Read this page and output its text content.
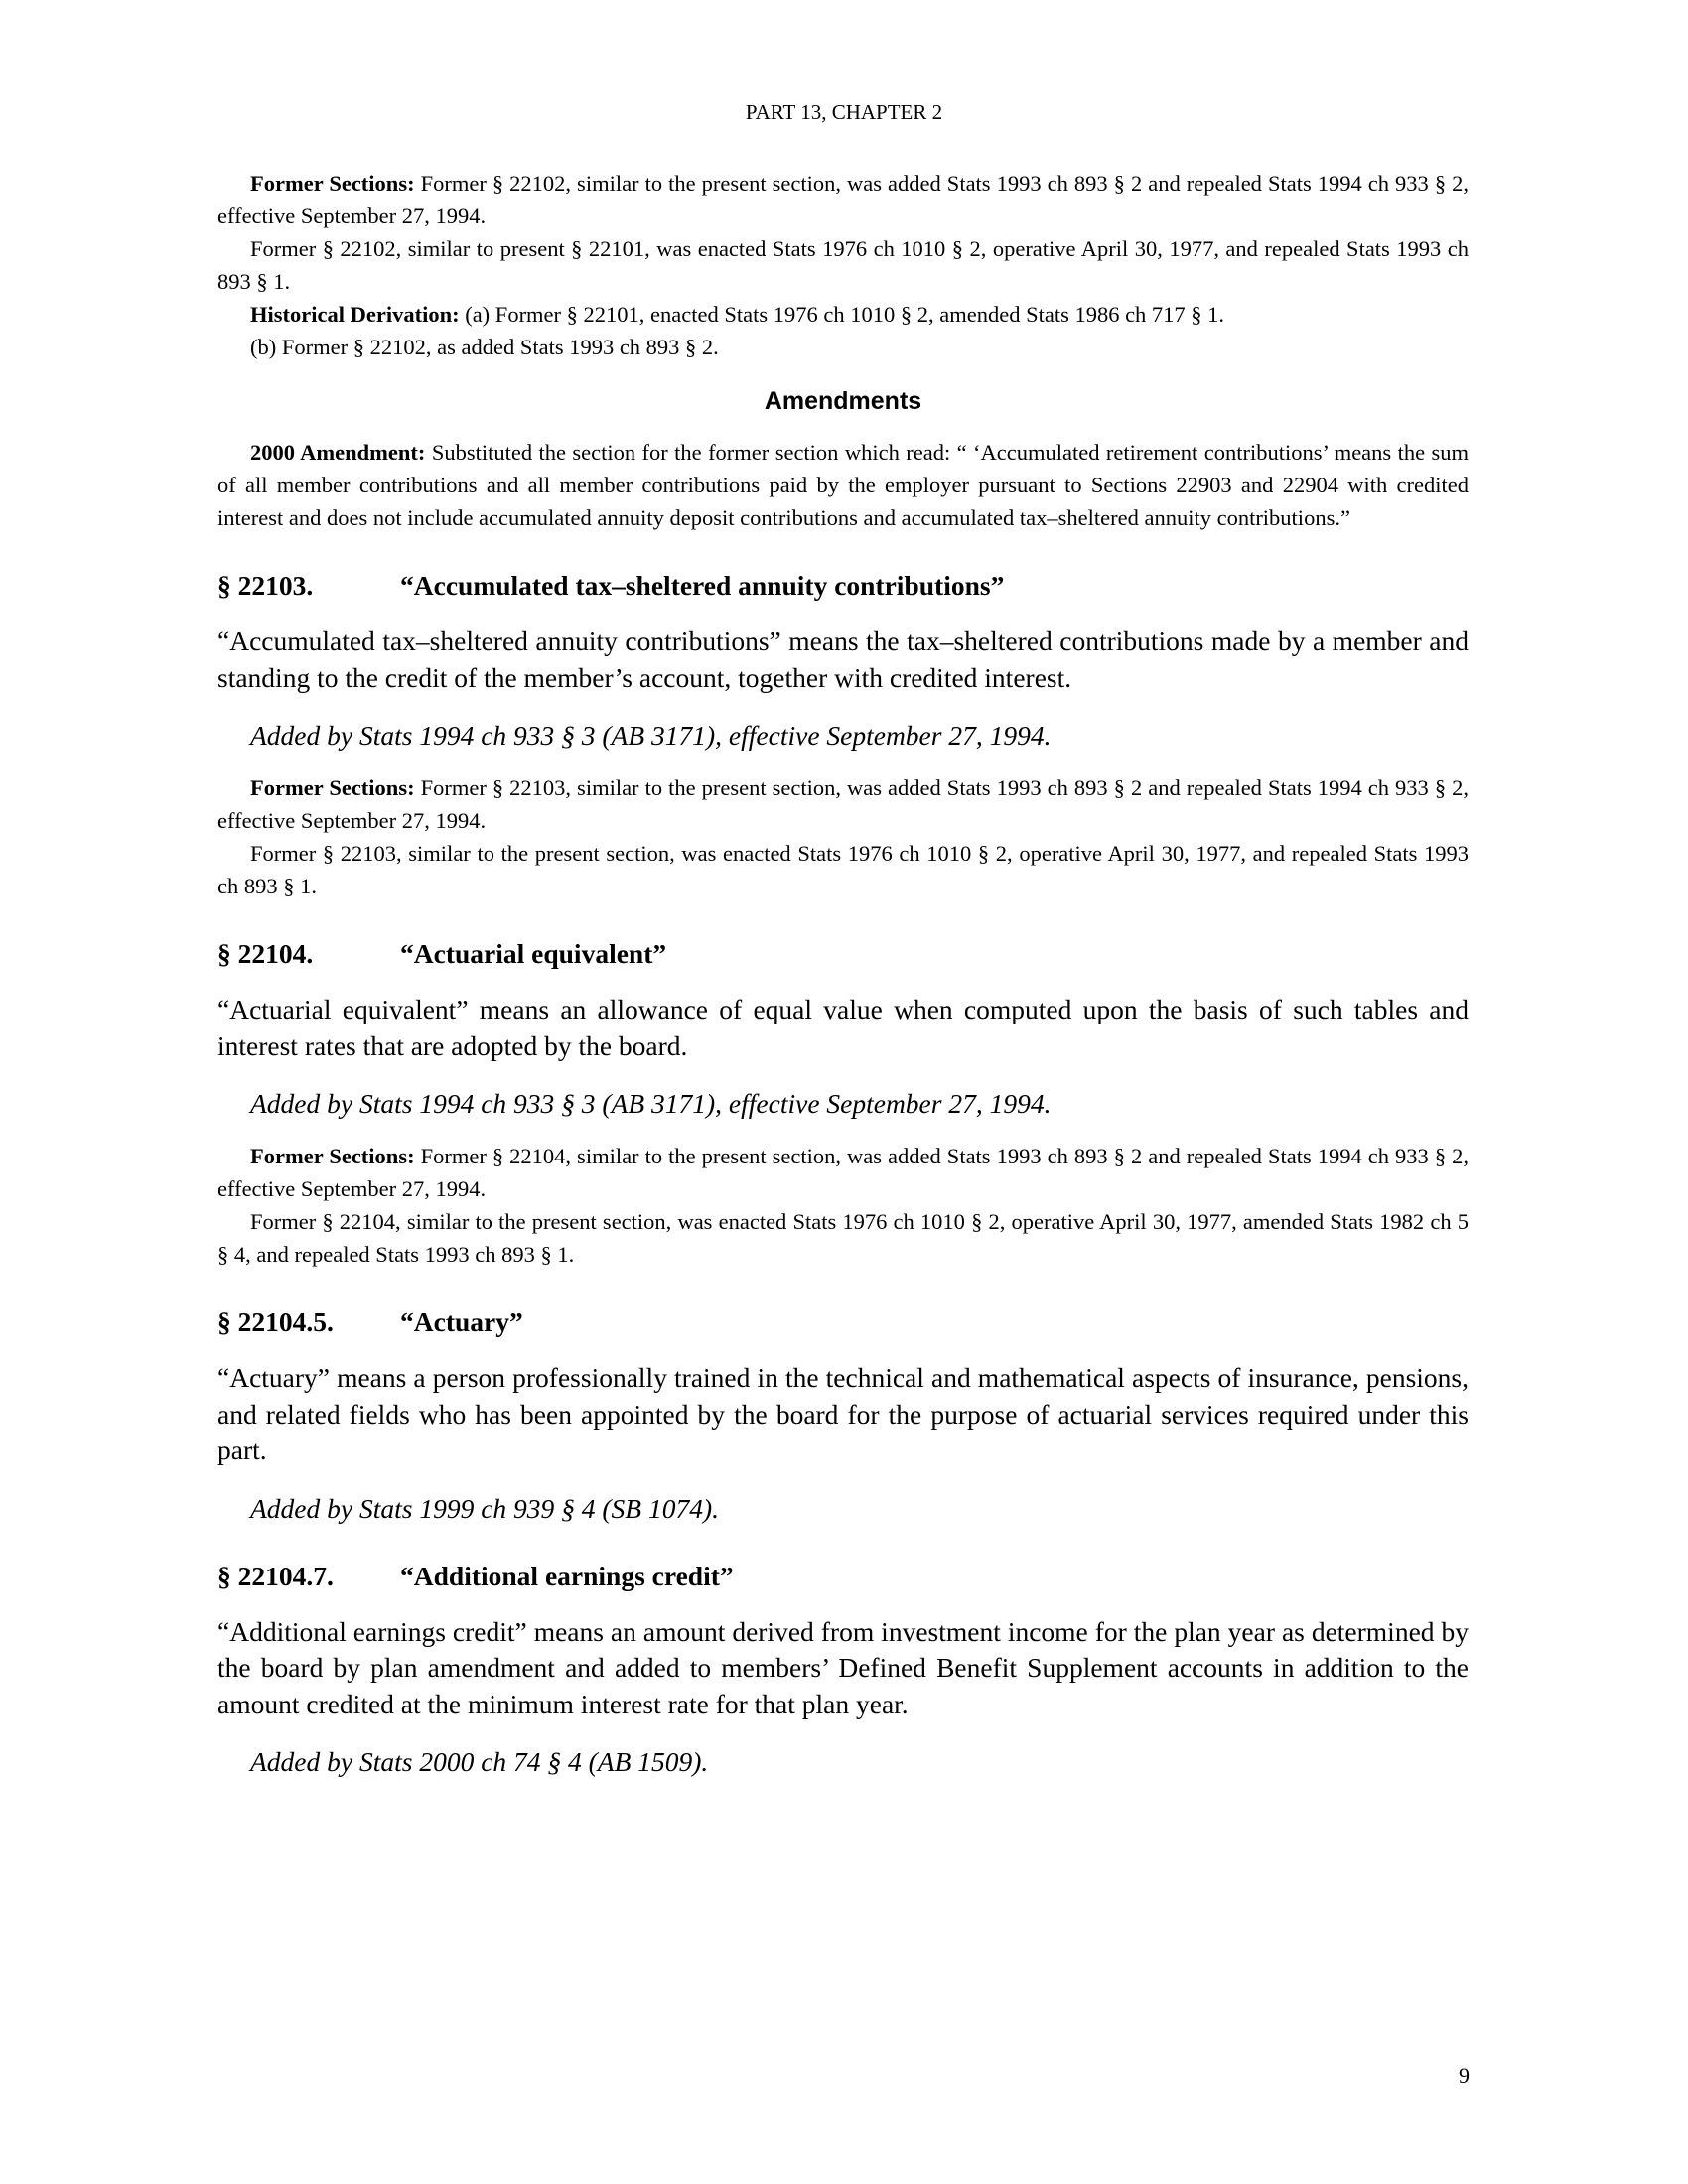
PART 13, CHAPTER 2

Former Sections: Former § 22102, similar to the present section, was added Stats 1993 ch 893 § 2 and repealed Stats 1994 ch 933 § 2, effective September 27, 1994.

Former § 22102, similar to present § 22101, was enacted Stats 1976 ch 1010 § 2, operative April 30, 1977, and repealed Stats 1993 ch 893 § 1.

Historical Derivation: (a) Former § 22101, enacted Stats 1976 ch 1010 § 2, amended Stats 1986 ch 717 § 1.

(b) Former § 22102, as added Stats 1993 ch 893 § 2.

Amendments

2000 Amendment: Substituted the section for the former section which read: “ ‘Accumulated retirement contributions’ means the sum of all member contributions and all member contributions paid by the employer pursuant to Sections 22903 and 22904 with credited interest and does not include accumulated annuity deposit contributions and accumulated tax–sheltered annuity contributions.”

§ 22103.	“Accumulated tax–sheltered annuity contributions”

“Accumulated tax–sheltered annuity contributions” means the tax–sheltered contributions made by a member and standing to the credit of the member’s account, together with credited interest.

Added by Stats 1994 ch 933 § 3 (AB 3171), effective September 27, 1994.

Former Sections: Former § 22103, similar to the present section, was added Stats 1993 ch 893 § 2 and repealed Stats 1994 ch 933 § 2, effective September 27, 1994.

Former § 22103, similar to the present section, was enacted Stats 1976 ch 1010 § 2, operative April 30, 1977, and repealed Stats 1993 ch 893 § 1.

§ 22104.	“Actuarial equivalent”

“Actuarial equivalent” means an allowance of equal value when computed upon the basis of such tables and interest rates that are adopted by the board.

Added by Stats 1994 ch 933 § 3 (AB 3171), effective September 27, 1994.

Former Sections: Former § 22104, similar to the present section, was added Stats 1993 ch 893 § 2 and repealed Stats 1994 ch 933 § 2, effective September 27, 1994.

Former § 22104, similar to the present section, was enacted Stats 1976 ch 1010 § 2, operative April 30, 1977, amended Stats 1982 ch 5 § 4, and repealed Stats 1993 ch 893 § 1.

§ 22104.5.	“Actuary”

“Actuary” means a person professionally trained in the technical and mathematical aspects of insurance, pensions, and related fields who has been appointed by the board for the purpose of actuarial services required under this part.

Added by Stats 1999 ch 939 § 4 (SB 1074).
§ 22104.7.	“Additional earnings credit”

“Additional earnings credit” means an amount derived from investment income for the plan year as determined by the board by plan amendment and added to members’ Defined Benefit Supplement accounts in addition to the amount credited at the minimum interest rate for that plan year.

Added by Stats 2000 ch 74 § 4 (AB 1509).
9
